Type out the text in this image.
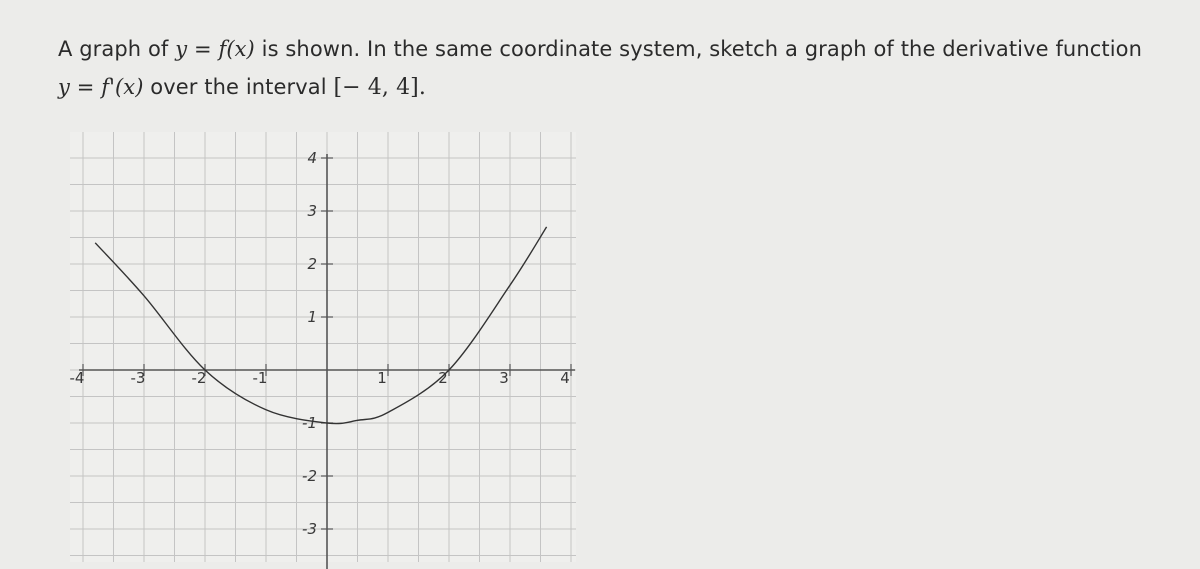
A graph of y = f(x) is shown. In the same coordinate system, sketch a graph of the derivative function
y = f'(x) over the interval [− 4, 4].
-4	-3	-2	-1	1	2	3	4
-3
-2
-1
1
2
3
4
